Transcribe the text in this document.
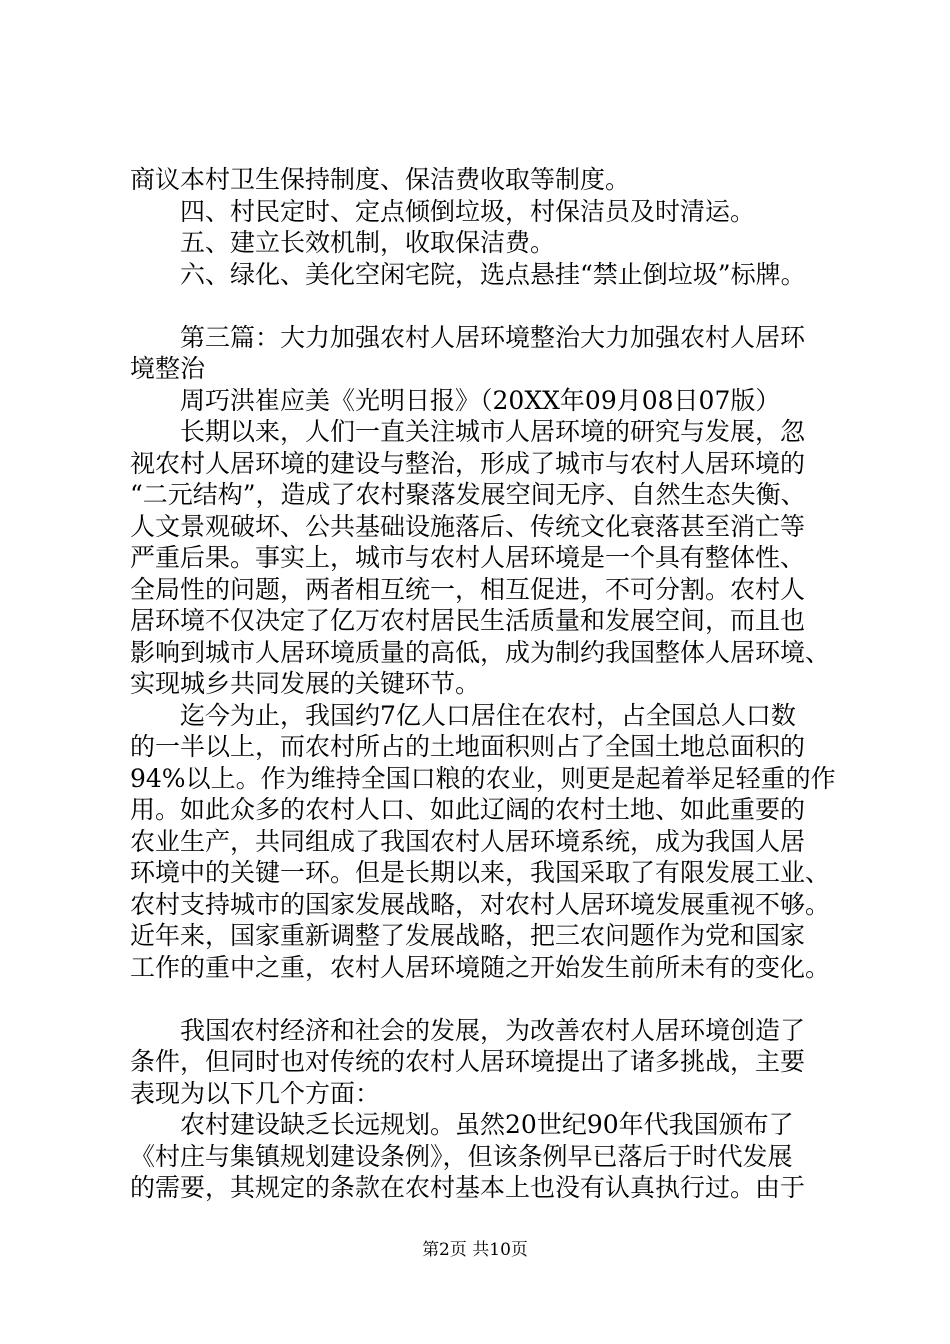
商议本村卫生保持制度、保洁费收取等制度。
　　四、村民定时、定点倾倒垃圾，村保洁员及时清运。
　　五、建立长效机制，收取保洁费。
　　六、绿化、美化空闲宅院，选点悬挂“禁止倒垃圾”标牌。
　　第三篇：大力加强农村人居环境整治大力加强农村人居环
境整治
　　周巧洪崔应美《光明日报》（20XX年09月08日07版）
　　长期以来，人们一直关注城市人居环境的研究与发展，忽
视农村人居环境的建设与整治，形成了城市与农村人居环境的
“二元结构”，造成了农村聚落发展空间无序、自然生态失衡、
人文景观破坏、公共基础设施落后、传统文化衰落甚至消亡等
严重后果。事实上，城市与农村人居环境是一个具有整体性、
全局性的问题，两者相互统一，相互促进，不可分割。农村人
居环境不仅决定了亿万农村居民生活质量和发展空间，而且也
影响到城市人居环境质量的高低，成为制约我国整体人居环境、
实现城乡共同发展的关键环节。
　　迄今为止，我国约7亿人口居住在农村，占全国总人口数
的一半以上，而农村所占的土地面积则占了全国土地总面积的
94%以上。作为维持全国口粮的农业，则更是起着举足轻重的作
用。如此众多的农村人口、如此辽阔的农村土地、如此重要的
农业生产，共同组成了我国农村人居环境系统，成为我国人居
环境中的关键一环。但是长期以来，我国采取了有限发展工业、
农村支持城市的国家发展战略，对农村人居环境发展重视不够。
近年来，国家重新调整了发展战略，把三农问题作为党和国家
工作的重中之重，农村人居环境随之开始发生前所未有的变化。
　　我国农村经济和社会的发展，为改善农村人居环境创造了
条件，但同时也对传统的农村人居环境提出了诸多挑战，主要
表现为以下几个方面：
　　农村建设缺乏长远规划。虽然20世纪90年代我国颁布了
《村庄与集镇规划建设条例》，但该条例早已落后于时代发展
的需要，其规定的条款在农村基本上也没有认真执行过。由于
第2页 共10页
